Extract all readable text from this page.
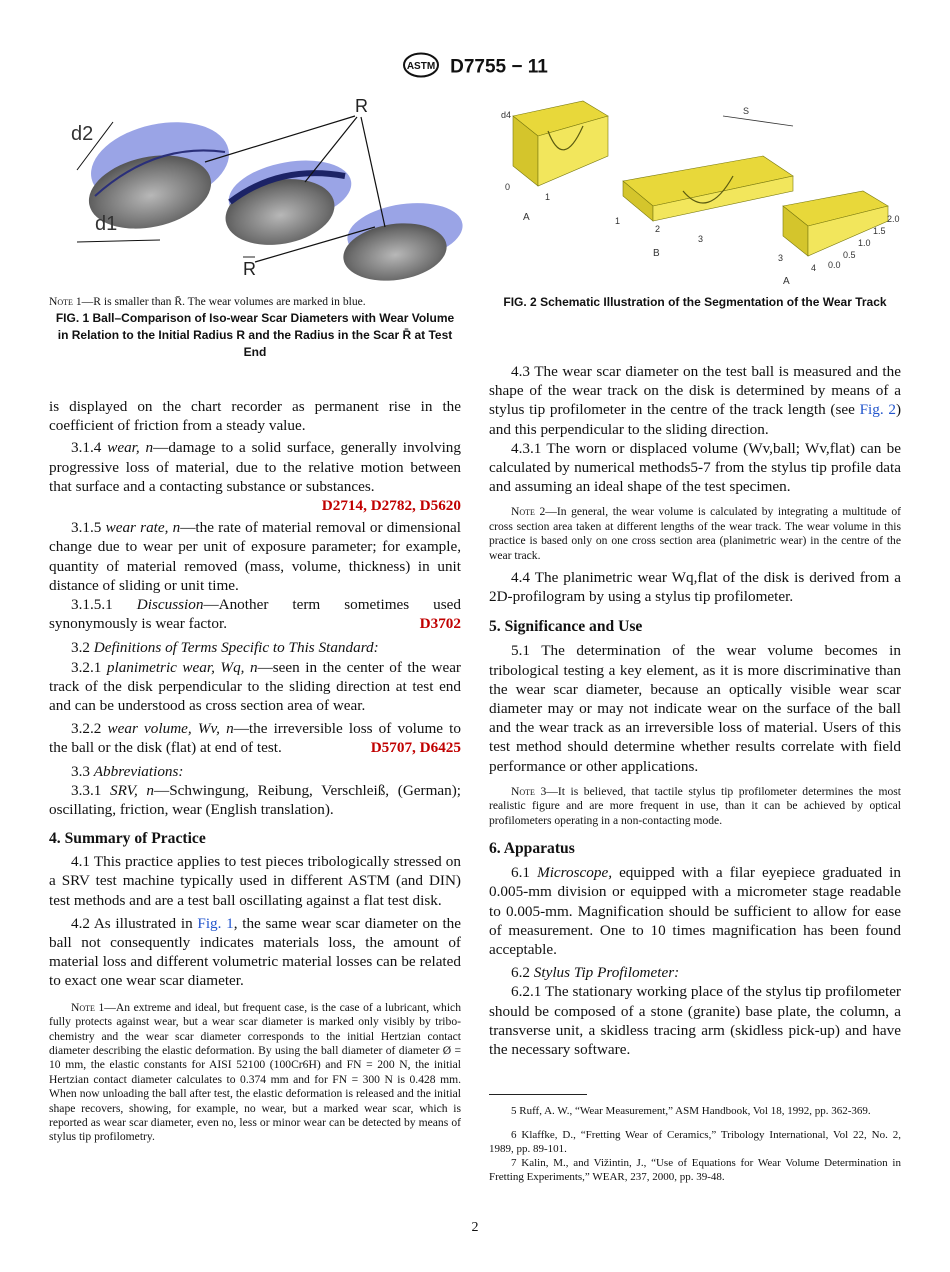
ASTM D7755 − 11
d2
d1
R
R
S
d4
0
1
A	1
2
3
B	3
4 0.0
0.5
1.0
1.5
2.0
A

Note 1—R is smaller than R̄. The wear volumes are marked in blue.

FIG. 1 Ball–Comparison of Iso-wear Scar Diameters with Wear Volume in Relation to the Initial Radius R and the Radius in the Scar R̄ at Test End

is displayed on the chart recorder as permanent rise in the coefficient of friction from a steady value.

3.1.4 wear, n—damage to a solid surface, generally involving progressive loss of material, due to the relative motion between that surface and a contacting substance or substances.
D2714, D2782, D5620

3.1.5 wear rate, n—the rate of material removal or dimensional change due to wear per unit of exposure parameter; for example, quantity of material removed (mass, volume, thickness) in unit distance of sliding or unit time.

3.1.5.1 Discussion—Another term sometimes used synonymously is wear factor.	D3702

3.2 Definitions of Terms Specific to This Standard:

3.2.1 planimetric wear, Wq, n—seen in the center of the wear track of the disk perpendicular to the sliding direction at test end and can be understood as cross section area of wear.

3.2.2 wear volume, Wv, n—the irreversible loss of volume to the ball or the disk (flat) at end of test.	D5707, D6425

3.3 Abbreviations:

3.3.1 SRV, n—Schwingung, Reibung, Verschleiß, (German); oscillating, friction, wear (English translation).

4. Summary of Practice

4.1 This practice applies to test pieces tribologically stressed on a SRV test machine typically used in different ASTM (and DIN) test methods and are a test ball oscillating against a flat test disk.

4.2 As illustrated in Fig. 1, the same wear scar diameter on the ball not consequently indicates materials loss, the amount of material loss and different volumetric material losses can be related to exact one wear scar diameter.

Note 1—An extreme and ideal, but frequent case, is the case of a lubricant, which fully protects against wear, but a wear scar diameter is marked only visibly by tribo-chemistry and the wear scar diameter corresponds to the initial Hertzian contact diameter describing the elastic deformation. By using the ball diameter of diameter Ø = 10 mm, the elastic constants for AISI 52100 (100Cr6H) and FN = 200 N, the initial Hertzian contact diameter calculates to 0.374 mm and for FN = 300 N is 0.428 mm. When now unloading the ball after test, the elastic deformation is released and the initial shape recovers, showing, for example, no wear, but a marked wear scar, which is reported as wear scar diameter, even no, less or minor wear can be detected by means of stylus tip profilometry.

FIG. 2 Schematic Illustration of the Segmentation of the Wear Track

4.3 The wear scar diameter on the test ball is measured and the shape of the wear track on the disk is determined by means of a stylus tip profilometer in the centre of the track length (see Fig. 2) and this perpendicular to the sliding direction.

4.3.1 The worn or displaced volume (Wv,ball; Wv,flat) can be calculated by numerical methods5-7 from the stylus tip profile data and assuming an ideal shape of the test specimen.

Note 2—In general, the wear volume is calculated by integrating a multitude of cross section area taken at different lengths of the wear track. The wear volume in this practice is based only on one cross section area (planimetric wear) in the centre of the wear track.

4.4 The planimetric wear Wq,flat of the disk is derived from a 2D-profilogram by using a stylus tip profilometer.

5. Significance and Use

5.1 The determination of the wear volume becomes in tribological testing a key element, as it is more discriminative than the wear scar diameter, because an optically visible wear scar diameter may or may not indicate wear on the surface of the ball and the wear track as an irreversible loss of material. Users of this test method should determine whether results correlate with field performance or other applications.

Note 3—It is believed, that tactile stylus tip profilometer determines the most realistic figure and are more frequent in use, than it can be achieved by optical profilometers operating in a non-contacting mode.

6. Apparatus

6.1 Microscope, equipped with a filar eyepiece graduated in 0.005-mm division or equipped with a micrometer stage readable to 0.005-mm. Magnification should be sufficient to allow for ease of measurement. One to 10 times magnification has been found acceptable.

6.2 Stylus Tip Profilometer:

6.2.1 The stationary working place of the stylus tip profilometer should be composed of a stone (granite) base plate, the column, a transverse unit, a skidless tracing arm (skidless pick-up) and have the necessary software.

5 Ruff, A. W., “Wear Measurement,” ASM Handbook, Vol 18, 1992, pp. 362-369.

6 Klaffke, D., “Fretting Wear of Ceramics,” Tribology International, Vol 22, No. 2, 1989, pp. 89-101.

7 Kalin, M., and Vižintin, J., “Use of Equations for Wear Volume Determination in Fretting Experiments,” WEAR, 237, 2000, pp. 39-48.

2
